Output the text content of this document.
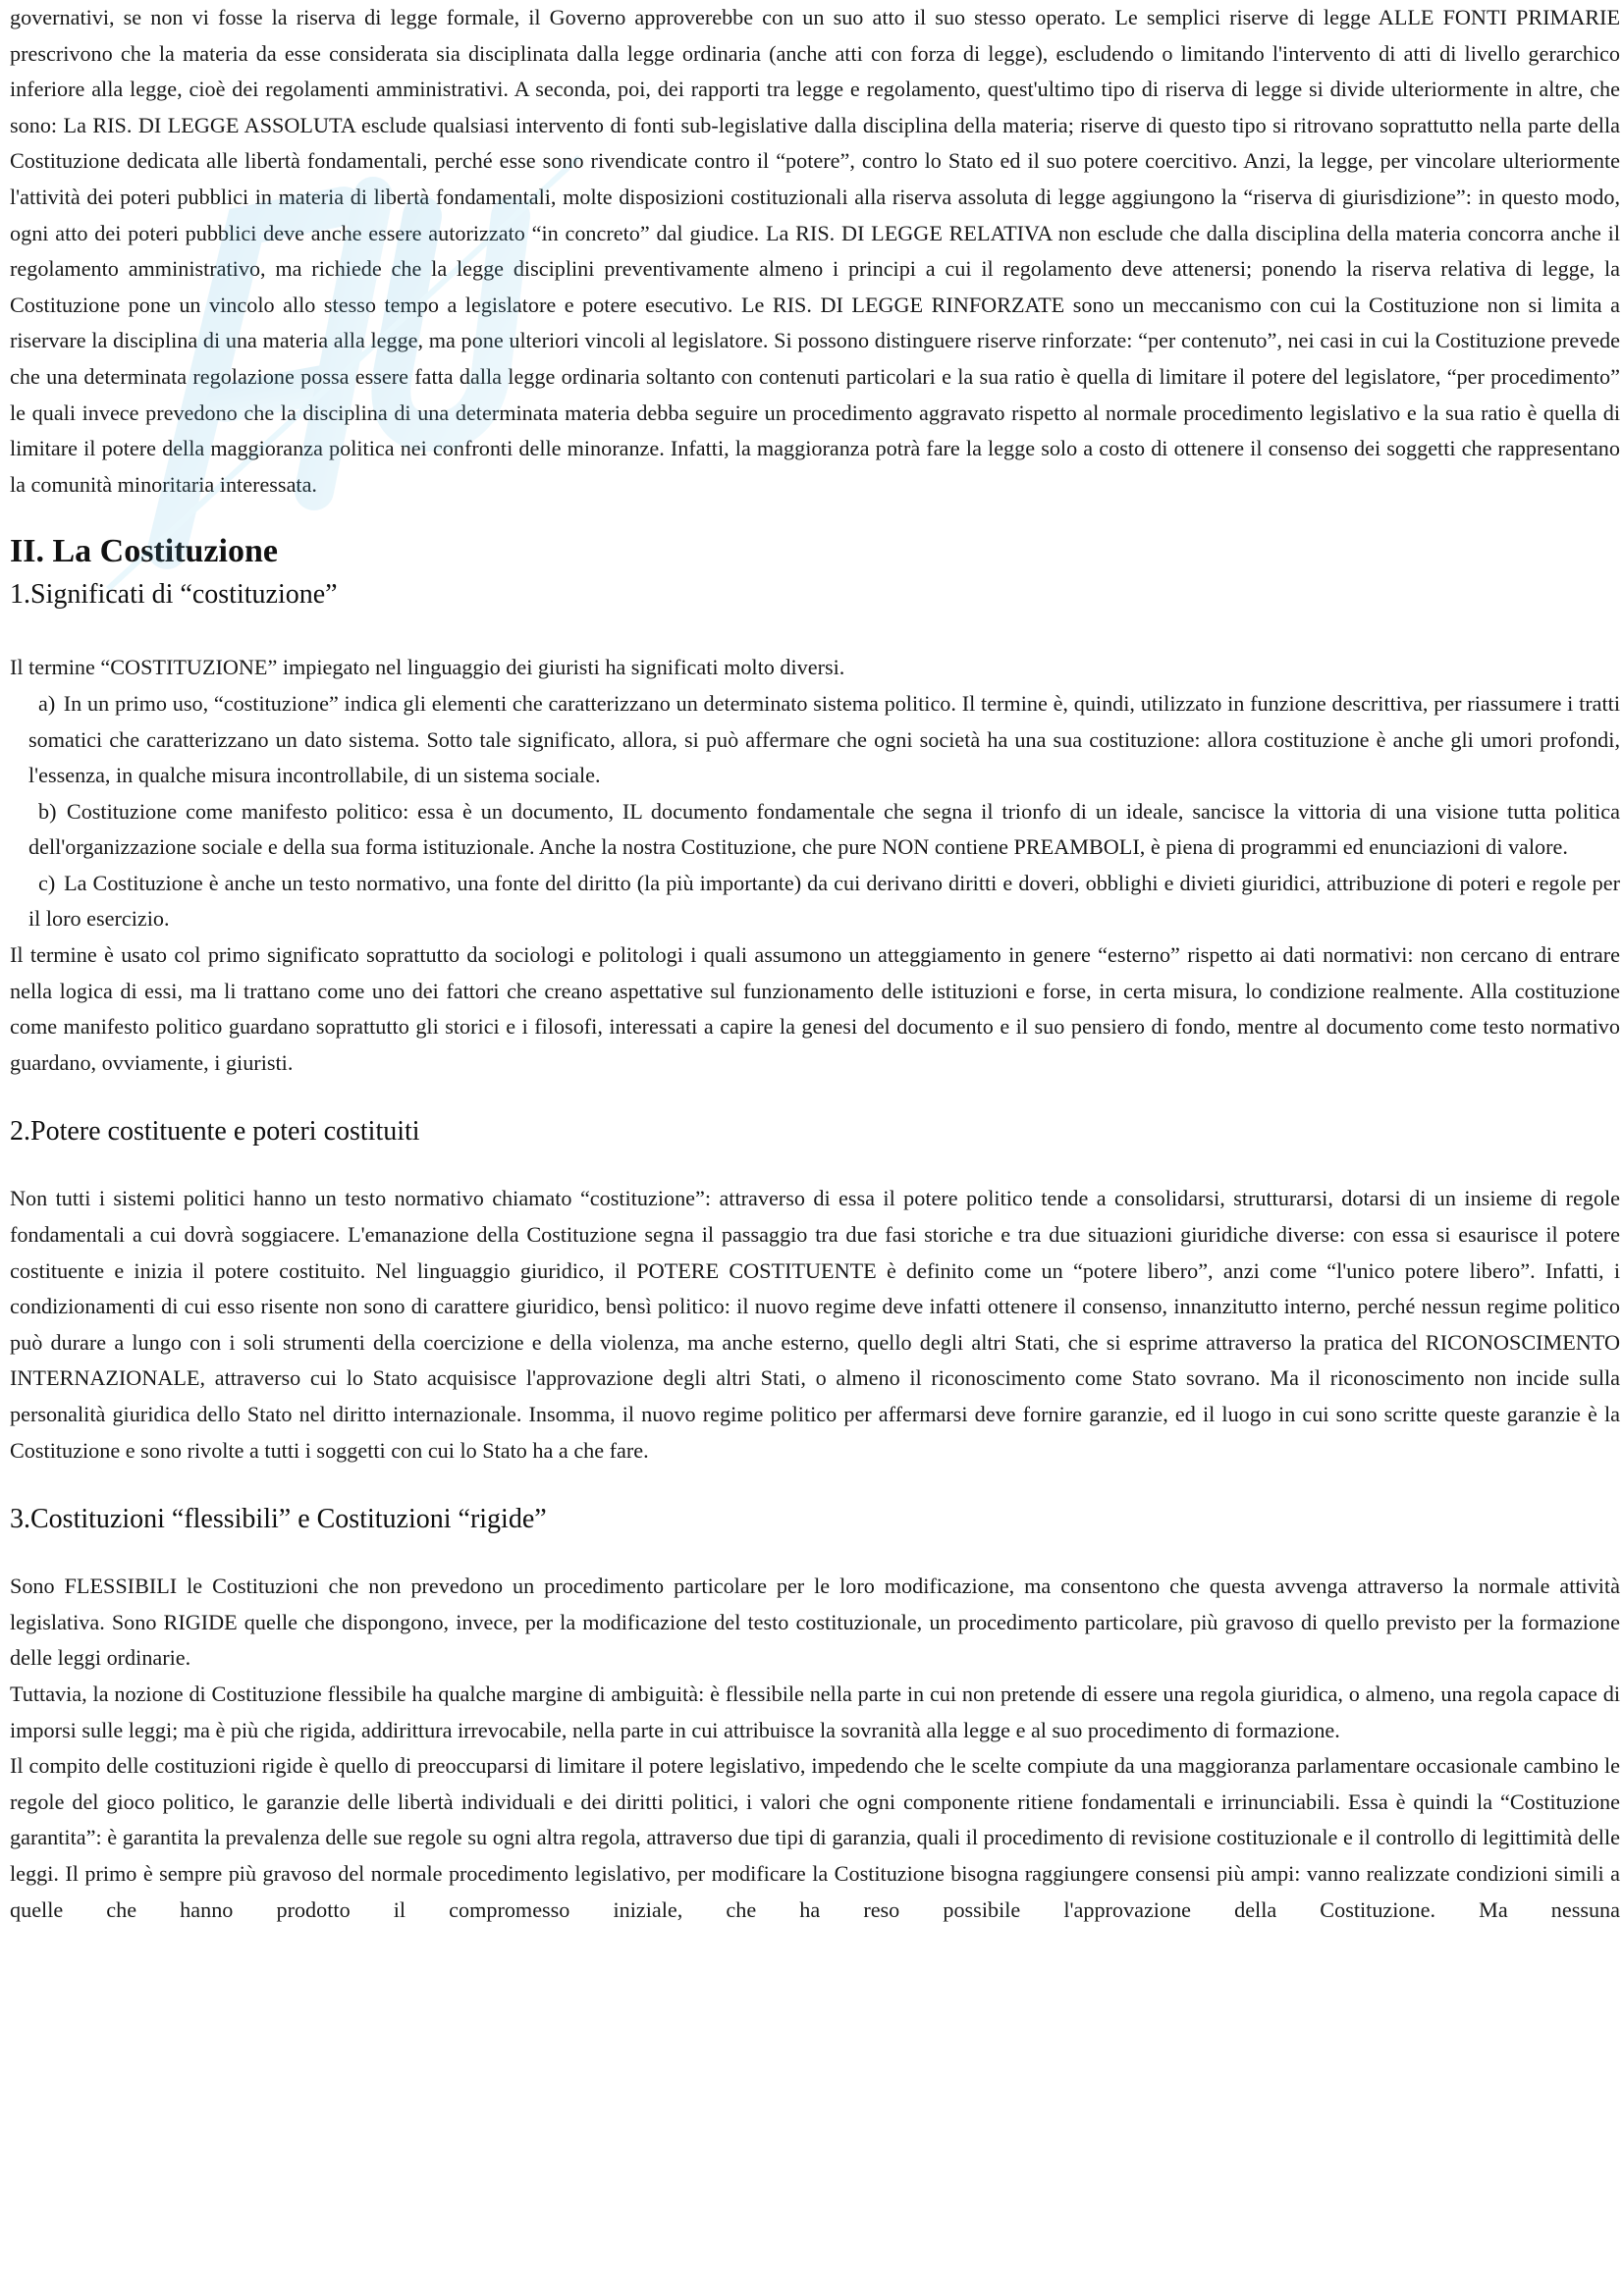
governativi, se non vi fosse la riserva di legge formale, il Governo approverebbe con un suo atto il suo stesso operato. Le semplici riserve di legge ALLE FONTI PRIMARIE prescrivono che la materia da esse considerata sia disciplinata dalla legge ordinaria (anche atti con forza di legge), escludendo o limitando l'intervento di atti di livello gerarchico inferiore alla legge, cioè dei regolamenti amministrativi. A seconda, poi, dei rapporti tra legge e regolamento, quest'ultimo tipo di riserva di legge si divide ulteriormente in altre, che sono: La RIS. DI LEGGE ASSOLUTA esclude qualsiasi intervento di fonti sub-legislative dalla disciplina della materia; riserve di questo tipo si ritrovano soprattutto nella parte della Costituzione dedicata alle libertà fondamentali, perché esse sono rivendicate contro il “potere”, contro lo Stato ed il suo potere coercitivo. Anzi, la legge, per vincolare ulteriormente l'attività dei poteri pubblici in materia di libertà fondamentali, molte disposizioni costituzionali alla riserva assoluta di legge aggiungono la “riserva di giurisdizione”: in questo modo, ogni atto dei poteri pubblici deve anche essere autorizzato “in concreto” dal giudice. La RIS. DI LEGGE RELATIVA non esclude che dalla disciplina della materia concorra anche il regolamento amministrativo, ma richiede che la legge disciplini preventivamente almeno i principi a cui il regolamento deve attenersi; ponendo la riserva relativa di legge, la Costituzione pone un vincolo allo stesso tempo a legislatore e potere esecutivo. Le RIS. DI LEGGE RINFORZATE sono un meccanismo con cui la Costituzione non si limita a riservare la disciplina di una materia alla legge, ma pone ulteriori vincoli al legislatore. Si possono distinguere riserve rinforzate: “per contenuto”, nei casi in cui la Costituzione prevede che una determinata regolazione possa essere fatta dalla legge ordinaria soltanto con contenuti particolari e la sua ratio è quella di limitare il potere del legislatore, “per procedimento” le quali invece prevedono che la disciplina di una determinata materia debba seguire un procedimento aggravato rispetto al normale procedimento legislativo e la sua ratio è quella di limitare il potere della maggioranza politica nei confronti delle minoranze. Infatti, la maggioranza potrà fare la legge solo a costo di ottenere il consenso dei soggetti che rappresentano la comunità minoritaria interessata.

II. La Costituzione
1.Significati di “costituzione”

Il termine “COSTITUZIONE” impiegato nel linguaggio dei giuristi ha significati molto diversi.

a) In un primo uso, “costituzione” indica gli elementi che caratterizzano un determinato sistema politico. Il termine è, quindi, utilizzato in funzione descrittiva, per riassumere i tratti somatici che caratterizzano un dato sistema. Sotto tale significato, allora, si può affermare che ogni società ha una sua costituzione: allora costituzione è anche gli umori profondi, l'essenza, in qualche misura incontrollabile, di un sistema sociale.
b) Costituzione come manifesto politico: essa è un documento, IL documento fondamentale che segna il trionfo di un ideale, sancisce la vittoria di una visione tutta politica dell'organizzazione sociale e della sua forma istituzionale. Anche la nostra Costituzione, che pure NON contiene PREAMBOLI, è piena di programmi ed enunciazioni di valore.
c) La Costituzione è anche un testo normativo, una fonte del diritto (la più importante) da cui derivano diritti e doveri, obblighi e divieti giuridici, attribuzione di poteri e regole per il loro esercizio.

Il termine è usato col primo significato soprattutto da sociologi e politologi i quali assumono un atteggiamento in genere “esterno” rispetto ai dati normativi: non cercano di entrare nella logica di essi, ma li trattano come uno dei fattori che creano aspettative sul funzionamento delle istituzioni e forse, in certa misura, lo condizione realmente. Alla costituzione come manifesto politico guardano soprattutto gli storici e i filosofi, interessati a capire la genesi del documento e il suo pensiero di fondo, mentre al documento come testo normativo guardano, ovviamente, i giuristi.

2.Potere costituente e poteri costituiti

Non tutti i sistemi politici hanno un testo normativo chiamato “costituzione”: attraverso di essa il potere politico tende a consolidarsi, strutturarsi, dotarsi di un insieme di regole fondamentali a cui dovrà soggiacere. L'emanazione della Costituzione segna il passaggio tra due fasi storiche e tra due situazioni giuridiche diverse: con essa si esaurisce il potere costituente e inizia il potere costituito. Nel linguaggio giuridico, il POTERE COSTITUENTE è definito come un “potere libero”, anzi come “l'unico potere libero”. Infatti, i condizionamenti di cui esso risente non sono di carattere giuridico, bensì politico: il nuovo regime deve infatti ottenere il consenso, innanzitutto interno, perché nessun regime politico può durare a lungo con i soli strumenti della coercizione e della violenza, ma anche esterno, quello degli altri Stati, che si esprime attraverso la pratica del RICONOSCIMENTO INTERNAZIONALE, attraverso cui lo Stato acquisisce l'approvazione degli altri Stati, o almeno il riconoscimento come Stato sovrano. Ma il riconoscimento non incide sulla personalità giuridica dello Stato nel diritto internazionale. Insomma, il nuovo regime politico per affermarsi deve fornire garanzie, ed il luogo in cui sono scritte queste garanzie è la Costituzione e sono rivolte a tutti i soggetti con cui lo Stato ha a che fare.

3.Costituzioni “flessibili” e Costituzioni “rigide”

Sono FLESSIBILI le Costituzioni che non prevedono un procedimento particolare per le loro modificazione, ma consentono che questa avvenga attraverso la normale attività legislativa. Sono RIGIDE quelle che dispongono, invece, per la modificazione del testo costituzionale, un procedimento particolare, più gravoso di quello previsto per la formazione delle leggi ordinarie.

Tuttavia, la nozione di Costituzione flessibile ha qualche margine di ambiguità: è flessibile nella parte in cui non pretende di essere una regola giuridica, o almeno, una regola capace di imporsi sulle leggi; ma è più che rigida, addirittura irrevocabile, nella parte in cui attribuisce la sovranità alla legge e al suo procedimento di formazione.

Il compito delle costituzioni rigide è quello di preoccuparsi di limitare il potere legislativo, impedendo che le scelte compiute da una maggioranza parlamentare occasionale cambino le regole del gioco politico, le garanzie delle libertà individuali e dei diritti politici, i valori che ogni componente ritiene fondamentali e irrinunciabili. Essa è quindi la “Costituzione garantita”: è garantita la prevalenza delle sue regole su ogni altra regola, attraverso due tipi di garanzia, quali il procedimento di revisione costituzionale e il controllo di legittimità delle leggi. Il primo è sempre più gravoso del normale procedimento legislativo, per modificare la Costituzione bisogna raggiungere consensi più ampi: vanno realizzate condizioni simili a quelle che hanno prodotto il compromesso iniziale, che ha reso possibile l'approvazione della Costituzione. Ma nessuna
